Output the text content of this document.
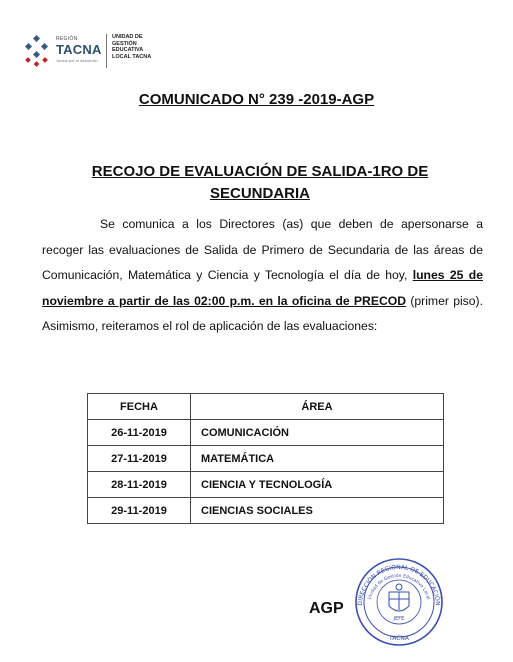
REGIÓN
TACNA
Juntos por el desarrollo
UNIDAD DE
GESTIÓN
EDUCATIVA
LOCAL TACNA
COMUNICADO N° 239 -2019-AGP
RECOJO DE EVALUACIÓN DE SALIDA-1RO DE
SECUNDARIA
Se comunica a los Directores (as) que deben de apersonarse a recoger las evaluaciones de Salida de Primero de Secundaria de las áreas de Comunicación, Matemática y Ciencia y Tecnología el día de hoy, lunes 25 de noviembre a partir de las 02:00 p.m. en la oficina de PRECOD (primer piso). Asimismo, reiteramos el rol de aplicación de las evaluaciones:
FECHA	ÁREA
26-11-2019	COMUNICACIÓN
27-11-2019	MATEMÁTICA
28-11-2019	CIENCIA Y TECNOLOGÍA
29-11-2019	CIENCIAS SOCIALES
AGP DIRECCIÓN REGIONAL DE EDUCACIÓN
Unidad de Gestión Educativa Local
JEFE
TACNA
